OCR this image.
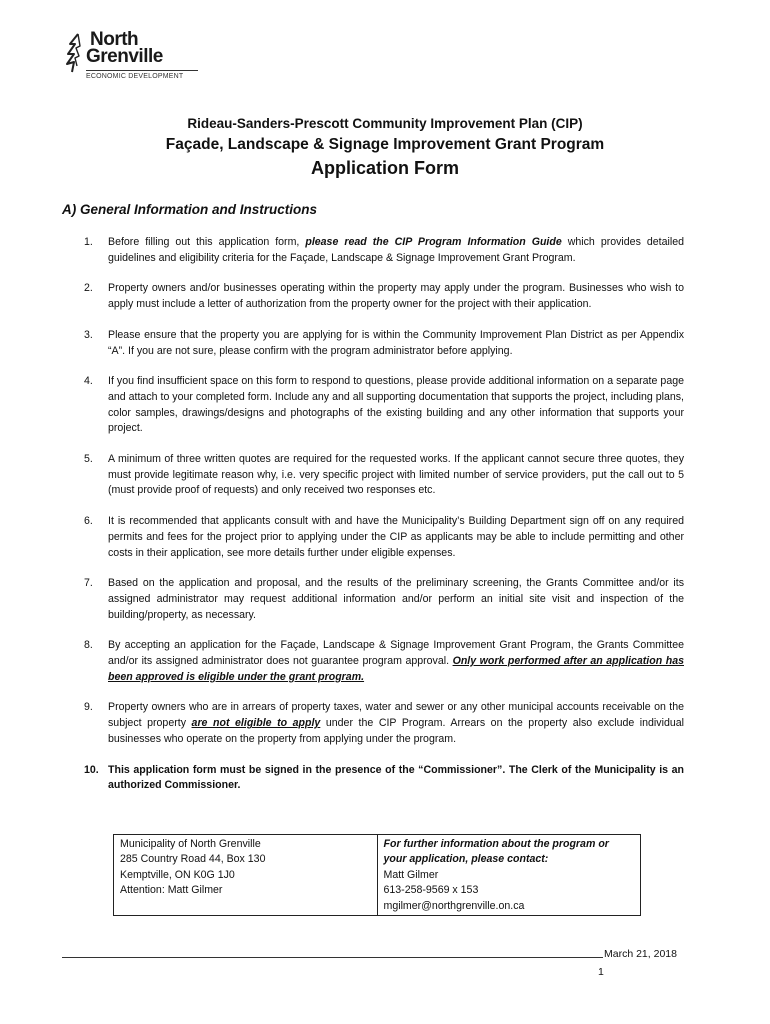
North
Grenville
ECONOMIC DEVELOPMENT
Rideau-Sanders-Prescott Community Improvement Plan (CIP)
Façade, Landscape & Signage Improvement Grant Program
Application Form
A) General Information and Instructions
1. Before filling out this application form, please read the CIP Program Information Guide which provides detailed guidelines and eligibility criteria for the Façade, Landscape & Signage Improvement Grant Program.
2. Property owners and/or businesses operating within the property may apply under the program. Businesses who wish to apply must include a letter of authorization from the property owner for the project with their application.
3. Please ensure that the property you are applying for is within the Community Improvement Plan District as per Appendix “A”. If you are not sure, please confirm with the program administrator before applying.
4. If you find insufficient space on this form to respond to questions, please provide additional information on a separate page and attach to your completed form. Include any and all supporting documentation that supports the project, including plans, color samples, drawings/designs and photographs of the existing building and any other information that supports your project.
5. A minimum of three written quotes are required for the requested works. If the applicant cannot secure three quotes, they must provide legitimate reason why, i.e. very specific project with limited number of service providers, put the call out to 5 (must provide proof of requests) and only received two responses etc.
6. It is recommended that applicants consult with and have the Municipality’s Building Department sign off on any required permits and fees for the project prior to applying under the CIP as applicants may be able to include permitting and other costs in their application, see more details further under eligible expenses.
7. Based on the application and proposal, and the results of the preliminary screening, the Grants Committee and/or its assigned administrator may request additional information and/or perform an initial site visit and inspection of the building/property, as necessary.
8. By accepting an application for the Façade, Landscape & Signage Improvement Grant Program, the Grants Committee and/or its assigned administrator does not guarantee program approval. Only work performed after an application has been approved is eligible under the grant program.
9. Property owners who are in arrears of property taxes, water and sewer or any other municipal accounts receivable on the subject property are not eligible to apply under the CIP Program. Arrears on the property also exclude individual businesses who operate on the property from applying under the program.
10. This application form must be signed in the presence of the “Commissioner”. The Clerk of the Municipality is an authorized Commissioner.
Municipality of North Grenville
285 Country Road 44, Box 130
Kemptville, ON K0G 1J0
Attention: Matt Gilmer

For further information about the program or your application, please contact:
Matt Gilmer
613-258-9569 x 153
mgilmer@northgrenville.on.ca
March 21, 2018
1
